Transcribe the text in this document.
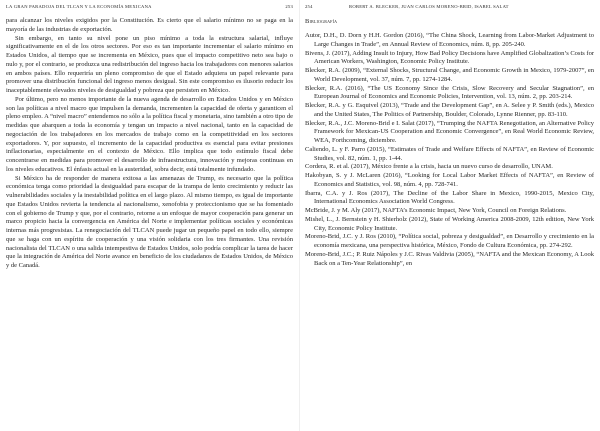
LA GRAN PARADOJA DEL TLCAN Y LA ECONOMÍA MEXICANA	253

para alcanzar los niveles exigidos por la Constitución. Es cierto que el salario mínimo no se paga en la mayoría de las industrias de exportación.

Sin embargo, en tanto su nivel pone un piso mínimo a toda la estructura salarial, influye significativamente en el de los otros sectores. Por eso es tan importante incrementar el salario mínimo en Estados Unidos, al tiempo que se incrementa en México, pues que el impacto competitivo neto sea bajo o nulo y, por el contrario, se produzca una redistribución del ingreso hacia los trabajadores con menores salarios en ambos países. Ello requeriría un pleno compromiso de que el Estado adquiera un papel relevante para promover una distribución funcional del ingreso menos desigual. Sin este compromiso es ilusorio reducir los inaceptablemente elevados niveles de desigualdad y pobreza que persisten en México.

Por último, pero no menos importante de la nueva agenda de desarrollo en Estados Unidos y en México son las políticas a nivel macro que impulsen la demanda, incrementen la capacidad de oferta y garanticen el pleno empleo. A “nivel macro” entendemos no sólo a la política fiscal y monetaria, sino también a otro tipo de medidas que abarquen a toda la economía y tengan un impacto a nivel nacional, tanto en la capacidad de negociación de los trabajadores en los mercados de trabajo como en la competitividad en los sectores exportadores. Y, por supuesto, el incremento de la capacidad productiva es esencial para evitar presiones inflacionarias, especialmente en el contexto de México. Ello implica que todo estímulo fiscal debe concentrarse en medidas para promover el desarrollo de infraestructura, innovación y mejoras continuas en los niveles educativos. El énfasis actual en la austeridad, sobra decir, está totalmente infundado.

Si México ha de responder de manera exitosa a las amenazas de Trump, es necesario que la política económica tenga como prioridad la desigualdad para escapar de la trampa de lento crecimiento y reducir las vulnerabilidades sociales y la inestabilidad política en el largo plazo. Al mismo tiempo, es igual de importante que Estados Unidos revierta la tendencia al nacionalismo, xenofobia y proteccionismo que se ha fomentado con el gobierno de Trump y que, por el contrario, retorne a un enfoque de mayor cooperación para generar un marco propicio hacia la convergencia en América del Norte e implementar políticas sociales y económicas internas más progresistas. La renegociación del TLCAN puede jugar un pequeño papel en todo ello, siempre que se haga con un espíritu de cooperación y una visión solidaria con los tres firmantes. Una revisión nacionalista del TLCAN o una salida intempestiva de Estados Unidos, solo podría complicar la tarea de hacer que la integración de América del Norte avance en beneficio de los ciudadanos de Estados Unidos, de México y de Canadá.

254	ROBERT A. BLECKER, JUAN CARLOS MORENO-BRID, ISABEL SALAT
Bibliografía

Autor, D.H., D. Dorn y H.H. Gordon (2016), “The China Shock, Learning from Labor-Market Adjustment to Large Changes in Trade”, en Annual Review of Economics, núm. 8, pp. 205-240.

Bivens, J. (2017), Adding Insult to Injury, How Bad Policy Decisions have Amplified Globalization’s Costs for American Workers, Washington, Economic Policy Institute.

Blecker, R.A. (2009), “External Shocks, Structural Change, and Economic Growth in Mexico, 1979-2007”, en World Development, vol. 37, núm. 7, pp. 1274-1284.

Blecker, R.A. (2016), “The US Economy Since the Crisis, Slow Recovery and Secular Stagnation”, en European Journal of Economics and Economic Policies, Intervention, vol. 13, núm. 2, pp. 203-214.

Blecker, R.A. y G. Esquivel (2013), “Trade and the Development Gap”, en A. Selee y P. Smith (eds.), Mexico and the United States, The Politics of Partnership, Boulder, Colorado, Lynne Rienner, pp. 83-110.

Blecker, R.A., J.C. Moreno-Brid e I. Salat (2017), “Trumping the NAFTA Renegotiation, an Alternative Policy Framework for Mexican-US Cooperation and Economic Convergence”, en Real World Economic Review, WEA, Forthcoming, diciembre.

Caliendo, L. y F. Parro (2015), “Estimates of Trade and Welfare Effects of NAFTA”, en Review of Economic Studies, vol. 82, núm. 1, pp. 1-44.

Cordera, R. et al. (2017), México frente a la crisis, hacia un nuevo curso de desarrollo, UNAM.

Hakobyan, S. y J. McLaren (2016), “Looking for Local Labor Market Effects of NAFTA”, en Review of Economics and Statistics, vol. 98, núm. 4, pp. 728-741.

Ibarra, C.A. y J. Ros (2017), The Decline of the Labor Share in Mexico, 1990-2015, Mexico City, International Economics Association World Congress.

McBride, J. y M. Aly (2017), NAFTA’s Economic Impact, New York, Council on Foreign Relations.

Mishel, L., J. Bernstein y H. Shierholz (2012), State of Working America 2008-2009, 12th edition, New York City, Economic Policy Institute.

Moreno-Brid, J.C. y J. Ros (2010), “Política social, pobreza y desigualdad”, en Desarrollo y crecimiento en la economía mexicana, una perspectiva histórica, México, Fondo de Cultura Económica, pp. 274-292.

Moreno-Brid, J.C.; P. Ruiz Nápoles y J.C. Rivas Valdivia (2005), “NAFTA and the Mexican Economy, A Look Back on a Ten-Year Relationship”, en
